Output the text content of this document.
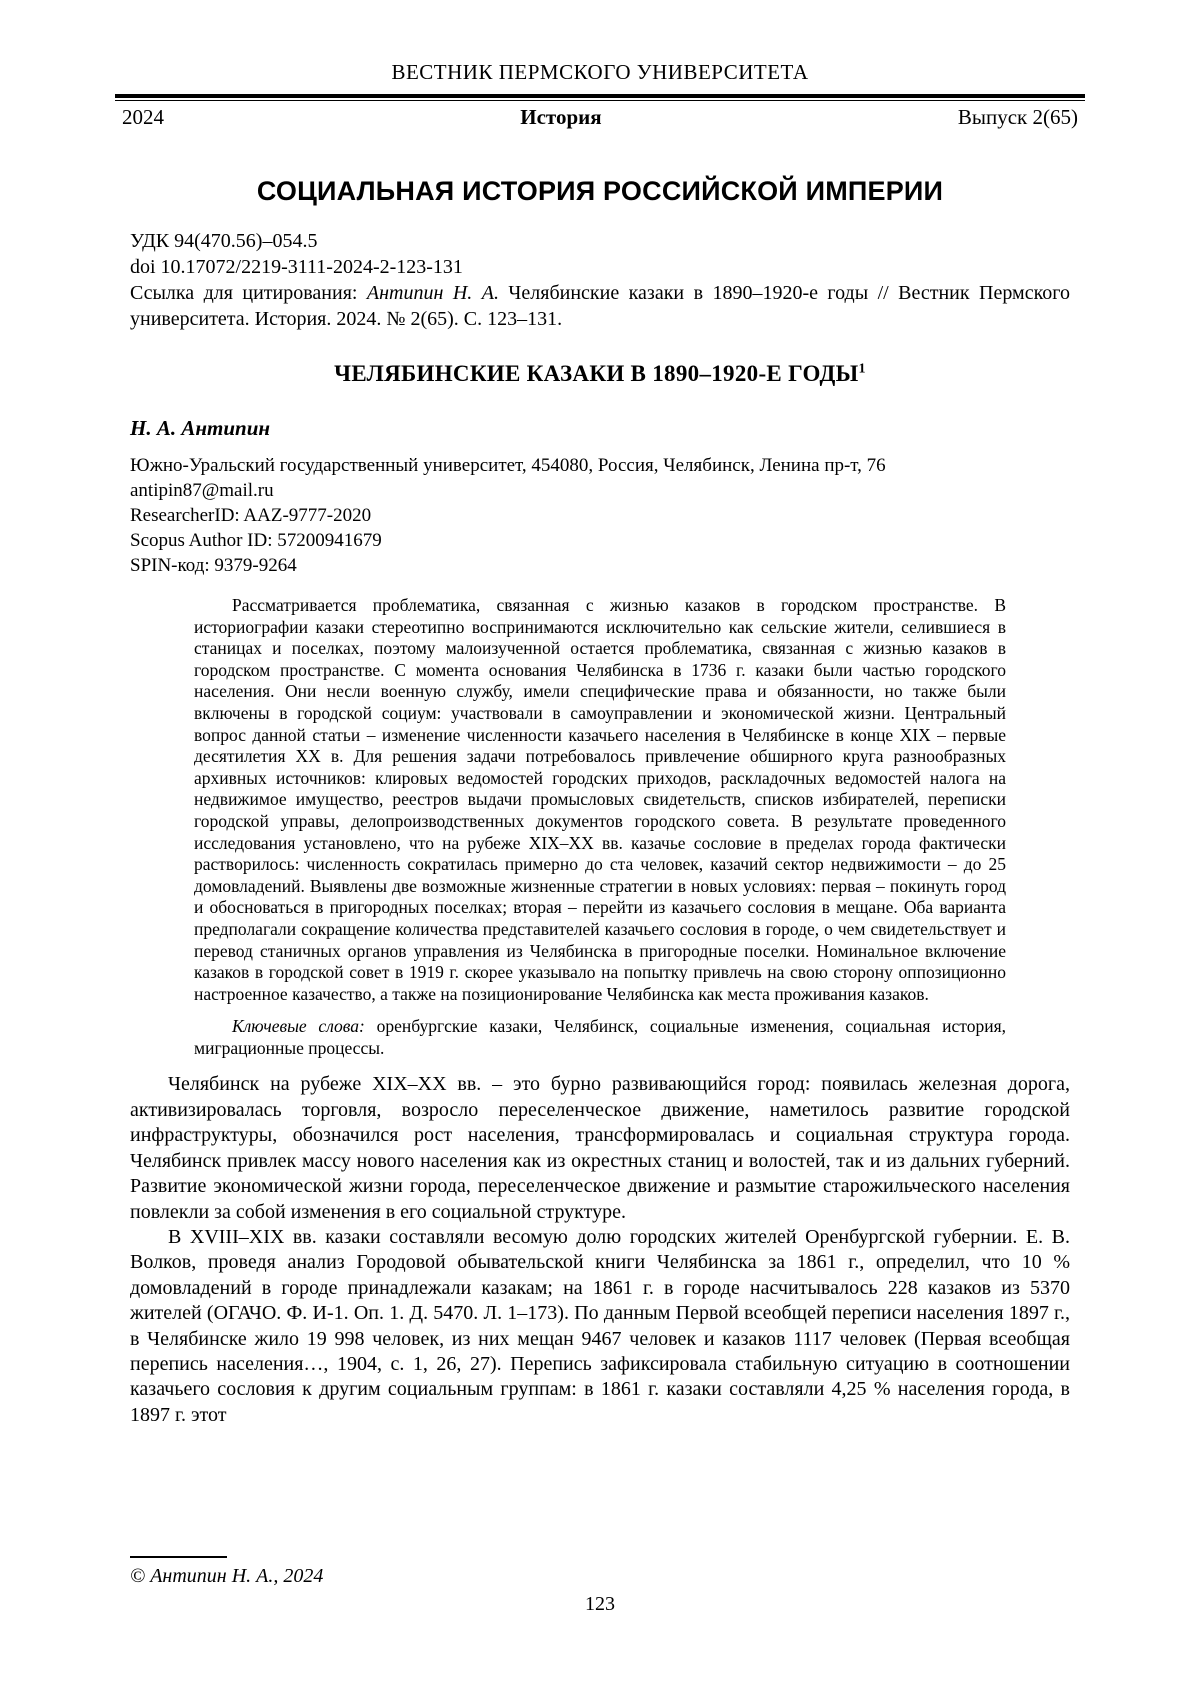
ВЕСТНИК ПЕРМСКОГО УНИВЕРСИТЕТА
2024	История	Выпуск 2(65)
СОЦИАЛЬНАЯ ИСТОРИЯ РОССИЙСКОЙ ИМПЕРИИ
УДК 94(470.56)–054.5
doi 10.17072/2219-3111-2024-2-123-131
Ссылка для цитирования: Антипин Н. А. Челябинские казаки в 1890–1920-е годы // Вестник Пермского университета. История. 2024. № 2(65). С. 123–131.
ЧЕЛЯБИНСКИЕ КАЗАКИ В 1890–1920-Е ГОДЫ$^1$
Н. А. Антипин
Южно-Уральский государственный университет, 454080, Россия, Челябинск, Ленина пр-т, 76
antipin87@mail.ru
ResearcherID: AAZ-9777-2020
Scopus Author ID: 57200941679
SPIN-код: 9379-9264
Рассматривается проблематика, связанная с жизнью казаков в городском пространстве. В историографии казаки стереотипно воспринимаются исключительно как сельские жители, селившиеся в станицах и поселках, поэтому малоизученной остается проблематика, связанная с жизнью казаков в городском пространстве. С момента основания Челябинска в 1736 г. казаки были частью городского населения. Они несли военную службу, имели специфические права и обязанности, но также были включены в городской социум: участвовали в самоуправлении и экономической жизни. Центральный вопрос данной статьи – изменение численности казачьего населения в Челябинске в конце XIX – первые десятилетия XX в. Для решения задачи потребовалось привлечение обширного круга разнообразных архивных источников: клировых ведомостей городских приходов, раскладочных ведомостей налога на недвижимое имущество, реестров выдачи промысловых свидетельств, списков избирателей, переписки городской управы, делопроизводственных документов городского совета. В результате проведенного исследования установлено, что на рубеже XIX–XX вв. казачье сословие в пределах города фактически растворилось: численность сократилась примерно до ста человек, казачий сектор недвижимости – до 25 домовладений. Выявлены две возможные жизненные стратегии в новых условиях: первая – покинуть город и обосноваться в пригородных поселках; вторая – перейти из казачьего сословия в мещане. Оба варианта предполагали сокращение количества представителей казачьего сословия в городе, о чем свидетельствует и перевод станичных органов управления из Челябинска в пригородные поселки. Номинальное включение казаков в городской совет в 1919 г. скорее указывало на попытку привлечь на свою сторону оппозиционно настроенное казачество, а также на позиционирование Челябинска как места проживания казаков.
Ключевые слова: оренбургские казаки, Челябинск, социальные изменения, социальная история, миграционные процессы.

Челябинск на рубеже XIX–XX вв. – это бурно развивающийся город: появилась железная дорога, активизировалась торговля, возросло переселенческое движение, наметилось развитие городской инфраструктуры, обозначился рост населения, трансформировалась и социальная структура города. Челябинск привлек массу нового населения как из окрестных станиц и волостей, так и из дальних губерний. Развитие экономической жизни города, переселенческое движение и размытие старожильческого населения повлекли за собой изменения в его социальной структуре.

В XVIII–XIX вв. казаки составляли весомую долю городских жителей Оренбургской губернии. Е. В. Волков, проведя анализ Городовой обывательской книги Челябинска за 1861 г., определил, что 10 % домовладений в городе принадлежали казакам; на 1861 г. в городе насчитывалось 228 казаков из 5370 жителей (ОГАЧО. Ф. И-1. Оп. 1. Д. 5470. Л. 1–173). По данным Первой всеобщей переписи населения 1897 г., в Челябинске жило 19 998 человек, из них мещан 9467 человек и казаков 1117 человек (Первая всеобщая перепись населения…, 1904, с. 1, 26, 27). Перепись зафиксировала стабильную ситуацию в соотношении казачьего сословия к другим социальным группам: в 1861 г. казаки составляли 4,25 % населения города, в 1897 г. этот

© Антипин Н. А., 2024
123
